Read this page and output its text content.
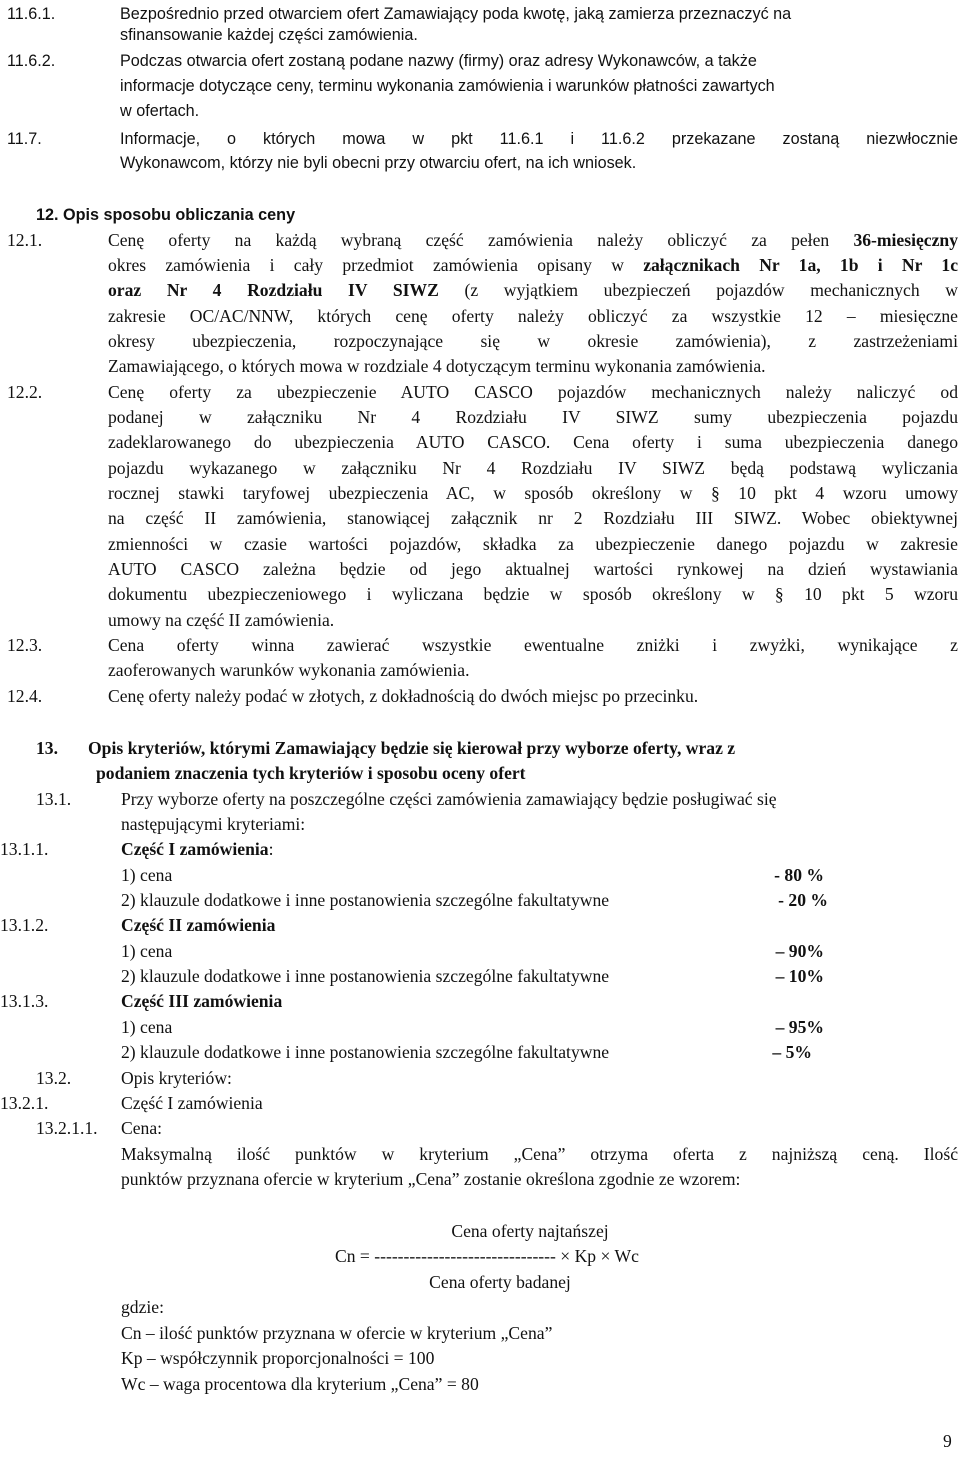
11.6.1.	Bezpośrednio przed otwarciem ofert Zamawiający poda kwotę, jaką zamierza przeznaczyć na
sfinansowanie każdej części zamówienia.
11.6.2.	Podczas otwarcia ofert zostaną podane nazwy (firmy) oraz adresy Wykonawców, a także
informacje dotyczące ceny, terminu wykonania zamówienia i warunków płatności zawartych
w ofertach.
11.7.	Informacje, o których mowa w pkt 11.6.1 i 11.6.2 przekazane zostaną niezwłocznie
Wykonawcom, którzy nie byli obecni przy otwarciu ofert, na ich wniosek.
12. Opis sposobu obliczania ceny
12.1.	Cenę oferty na każdą wybraną część zamówienia należy obliczyć za pełen 36-miesięczny
okres zamówienia i cały przedmiot zamówienia opisany w załącznikach Nr 1a, 1b i Nr 1c
oraz Nr 4 Rozdziału IV SIWZ (z wyjątkiem ubezpieczeń pojazdów mechanicznych w
zakresie OC/AC/NNW, których cenę oferty należy obliczyć za wszystkie 12 – miesięczne
okresy ubezpieczenia, rozpoczynające się w okresie zamówienia), z zastrzeżeniami
Zamawiającego, o których mowa w rozdziale 4 dotyczącym terminu wykonania zamówienia.
12.2.	Cenę oferty za ubezpieczenie AUTO CASCO pojazdów mechanicznych należy naliczyć od
podanej w załączniku Nr 4 Rozdziału IV SIWZ sumy ubezpieczenia pojazdu
zadeklarowanego do ubezpieczenia AUTO CASCO. Cena oferty i suma ubezpieczenia danego
pojazdu wykazanego w załączniku Nr 4 Rozdziału IV SIWZ będą podstawą wyliczania
rocznej stawki taryfowej ubezpieczenia AC, w sposób określony w § 10 pkt 4 wzoru umowy
na część II zamówienia, stanowiącej załącznik nr 2 Rozdziału III SIWZ. Wobec obiektywnej
zmienności w czasie wartości pojazdów, składka za ubezpieczenie danego pojazdu w zakresie
AUTO CASCO zależna będzie od jego aktualnej wartości rynkowej na dzień wystawiania
dokumentu ubezpieczeniowego i wyliczana będzie w sposób określony w § 10 pkt 5 wzoru
umowy na część II zamówienia.
12.3.	Cena oferty winna zawierać wszystkie ewentualne zniżki i zwyżki, wynikające z
zaoferowanych warunków wykonania zamówienia.
12.4.	Cenę oferty należy podać w złotych, z dokładnością do dwóch miejsc po przecinku.
13. Opis kryteriów, którymi Zamawiający będzie się kierował przy wyborze oferty, wraz z
podaniem znaczenia tych kryteriów i sposobu oceny ofert
13.1.	Przy wyborze oferty na poszczególne części zamówienia zamawiający będzie posługiwać się
następującymi kryteriami:
13.1.1.	Część I zamówienia:
1) cena	- 80 %
2) klauzule dodatkowe i inne postanowienia szczególne fakultatywne	- 20 %
13.1.2.	Część II zamówienia
1) cena	– 90%
2) klauzule dodatkowe i inne postanowienia szczególne fakultatywne	– 10%
13.1.3.	Część III zamówienia
1) cena	– 95%
2) klauzule dodatkowe i inne postanowienia szczególne fakultatywne	– 5%
13.2.	Opis kryteriów:
13.2.1.	Część I zamówienia
13.2.1.1. Cena:
Maksymalną ilość punktów w kryterium „Cena” otrzyma oferta z najniższą ceną. Ilość
punktów przyznana ofercie w kryterium „Cena” zostanie określona zgodnie ze wzorem:
Cena oferty najtańszej
Cn = ------------------------------- × Kp × Wc
Cena oferty badanej
gdzie:
Cn – ilość punktów przyznana w ofercie w kryterium „Cena”
Kp – współczynnik proporcjonalności = 100
Wc – waga procentowa dla kryterium „Cena” = 80
9
